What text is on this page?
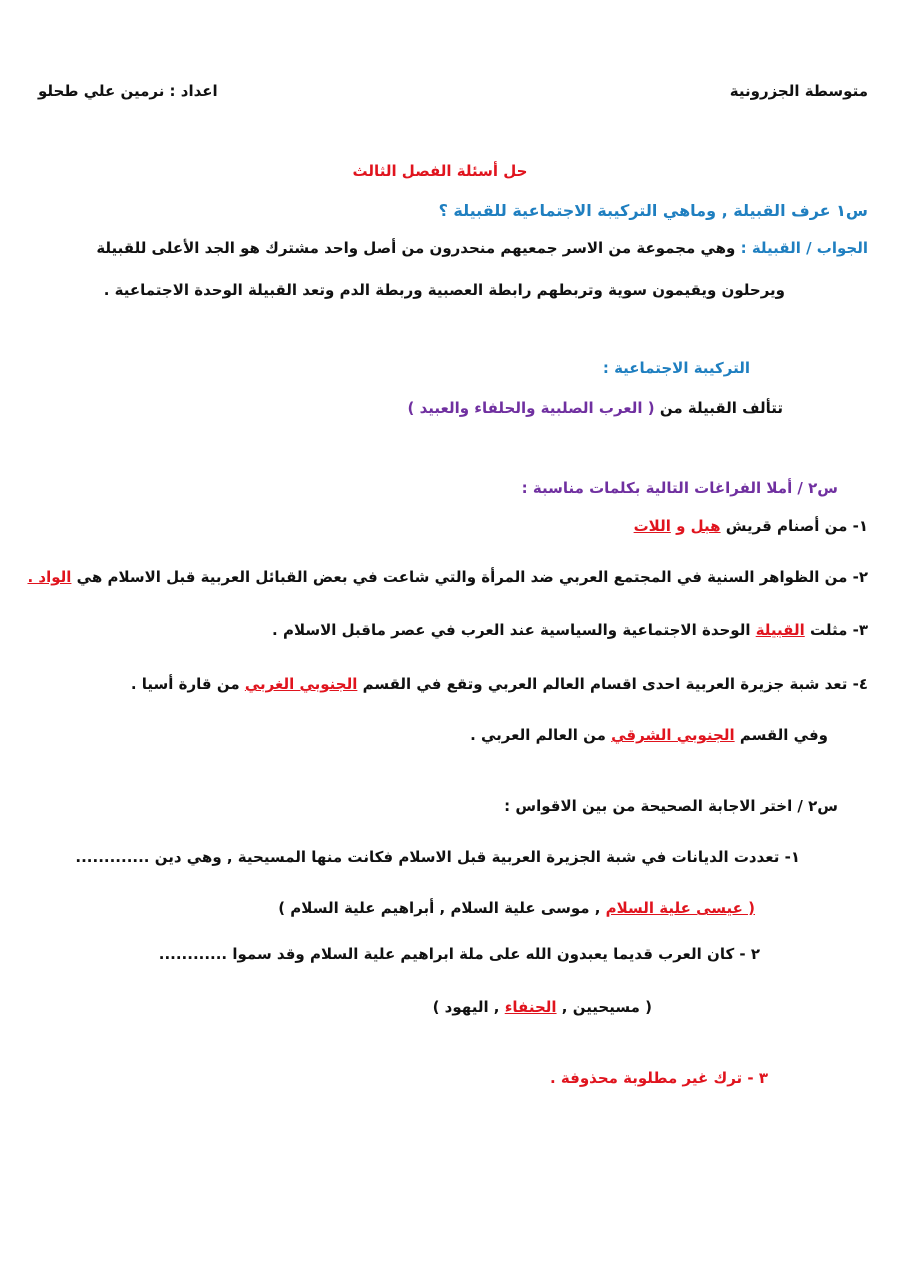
متوسطة الجزرونية
اعداد : نرمين علي طحلو
حل أسئلة الفصل الثالث
س١ عرف القبيلة , وماهي التركيبة الاجتماعية للقبيلة ؟
الجواب / القبيلة : وهي مجموعة من الاسر جمعيهم منحدرون من أصل واحد مشترك هو الجد الأعلى للقبيلة
ويرحلون ويقيمون سوية وتربطهم رابطة العصبية وربطة الدم وتعد القبيلة الوحدة الاجتماعية .
التركيبة الاجتماعية :
تتألف القبيلة من ( العرب الصلبية والحلفاء والعبيد )
س٢ / أملا الفراغات التالية بكلمات مناسبة :
١- من أصنام قريش هبل و اللات
٢- من الظواهر السنية في المجتمع العربي ضد المرأة والتي شاعت في بعض القبائل العربية قبل الاسلام هي الواد .
٣- مثلت القبيلة الوحدة الاجتماعية والسياسية عند العرب في عصر ماقبل الاسلام .
٤- تعد شبة جزيرة العربية احدى اقسام العالم العربي وتقع في القسم الجنوبي الغربي من قارة أسيا .
وفي القسم الجنوبي الشرقي من العالم العربي .
س٢ / اختر الاجابة الصحيحة من بين الاقواس :
١- تعددت الديانات في شبة الجزيرة العربية قبل الاسلام فكانت منها المسيحية , وهي دين .............
( عيسى علية السلام , موسى علية السلام , أبراهيم علية السلام )
٢ - كان العرب قديما يعبدون الله على ملة ابراهيم علية السلام وقد سموا ............
( مسيحيين , الحنفاء , اليهود )
٣ - ترك غير مطلوبة محذوفة .
